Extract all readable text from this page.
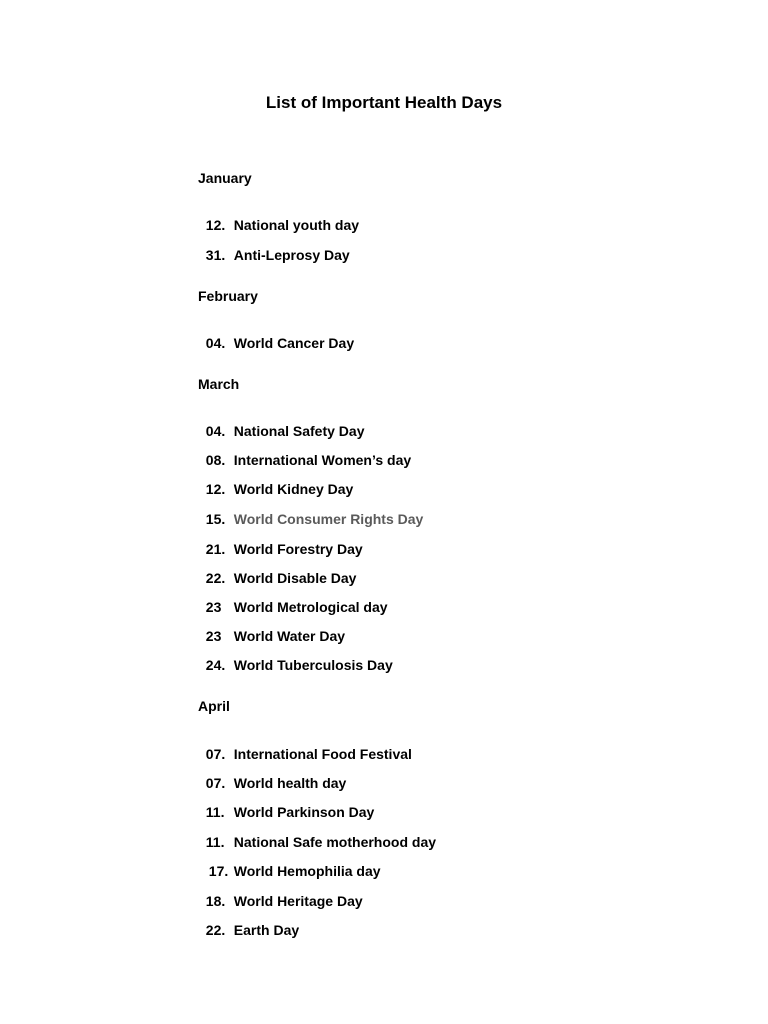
List of Important Health Days
January

12. National youth day

31. Anti-Leprosy Day

February

04. World Cancer Day

March

04. National Safety Day

08. International Women’s day

12. World Kidney Day

15. World Consumer Rights Day

21. World Forestry Day

22. World Disable Day

23 World Metrological day

23 World Water Day

24. World Tuberculosis Day

April

07. International Food Festival

07. World health day

11. World Parkinson Day

11. National Safe motherhood day

17. World Hemophilia day

18. World Heritage Day

22. Earth Day
